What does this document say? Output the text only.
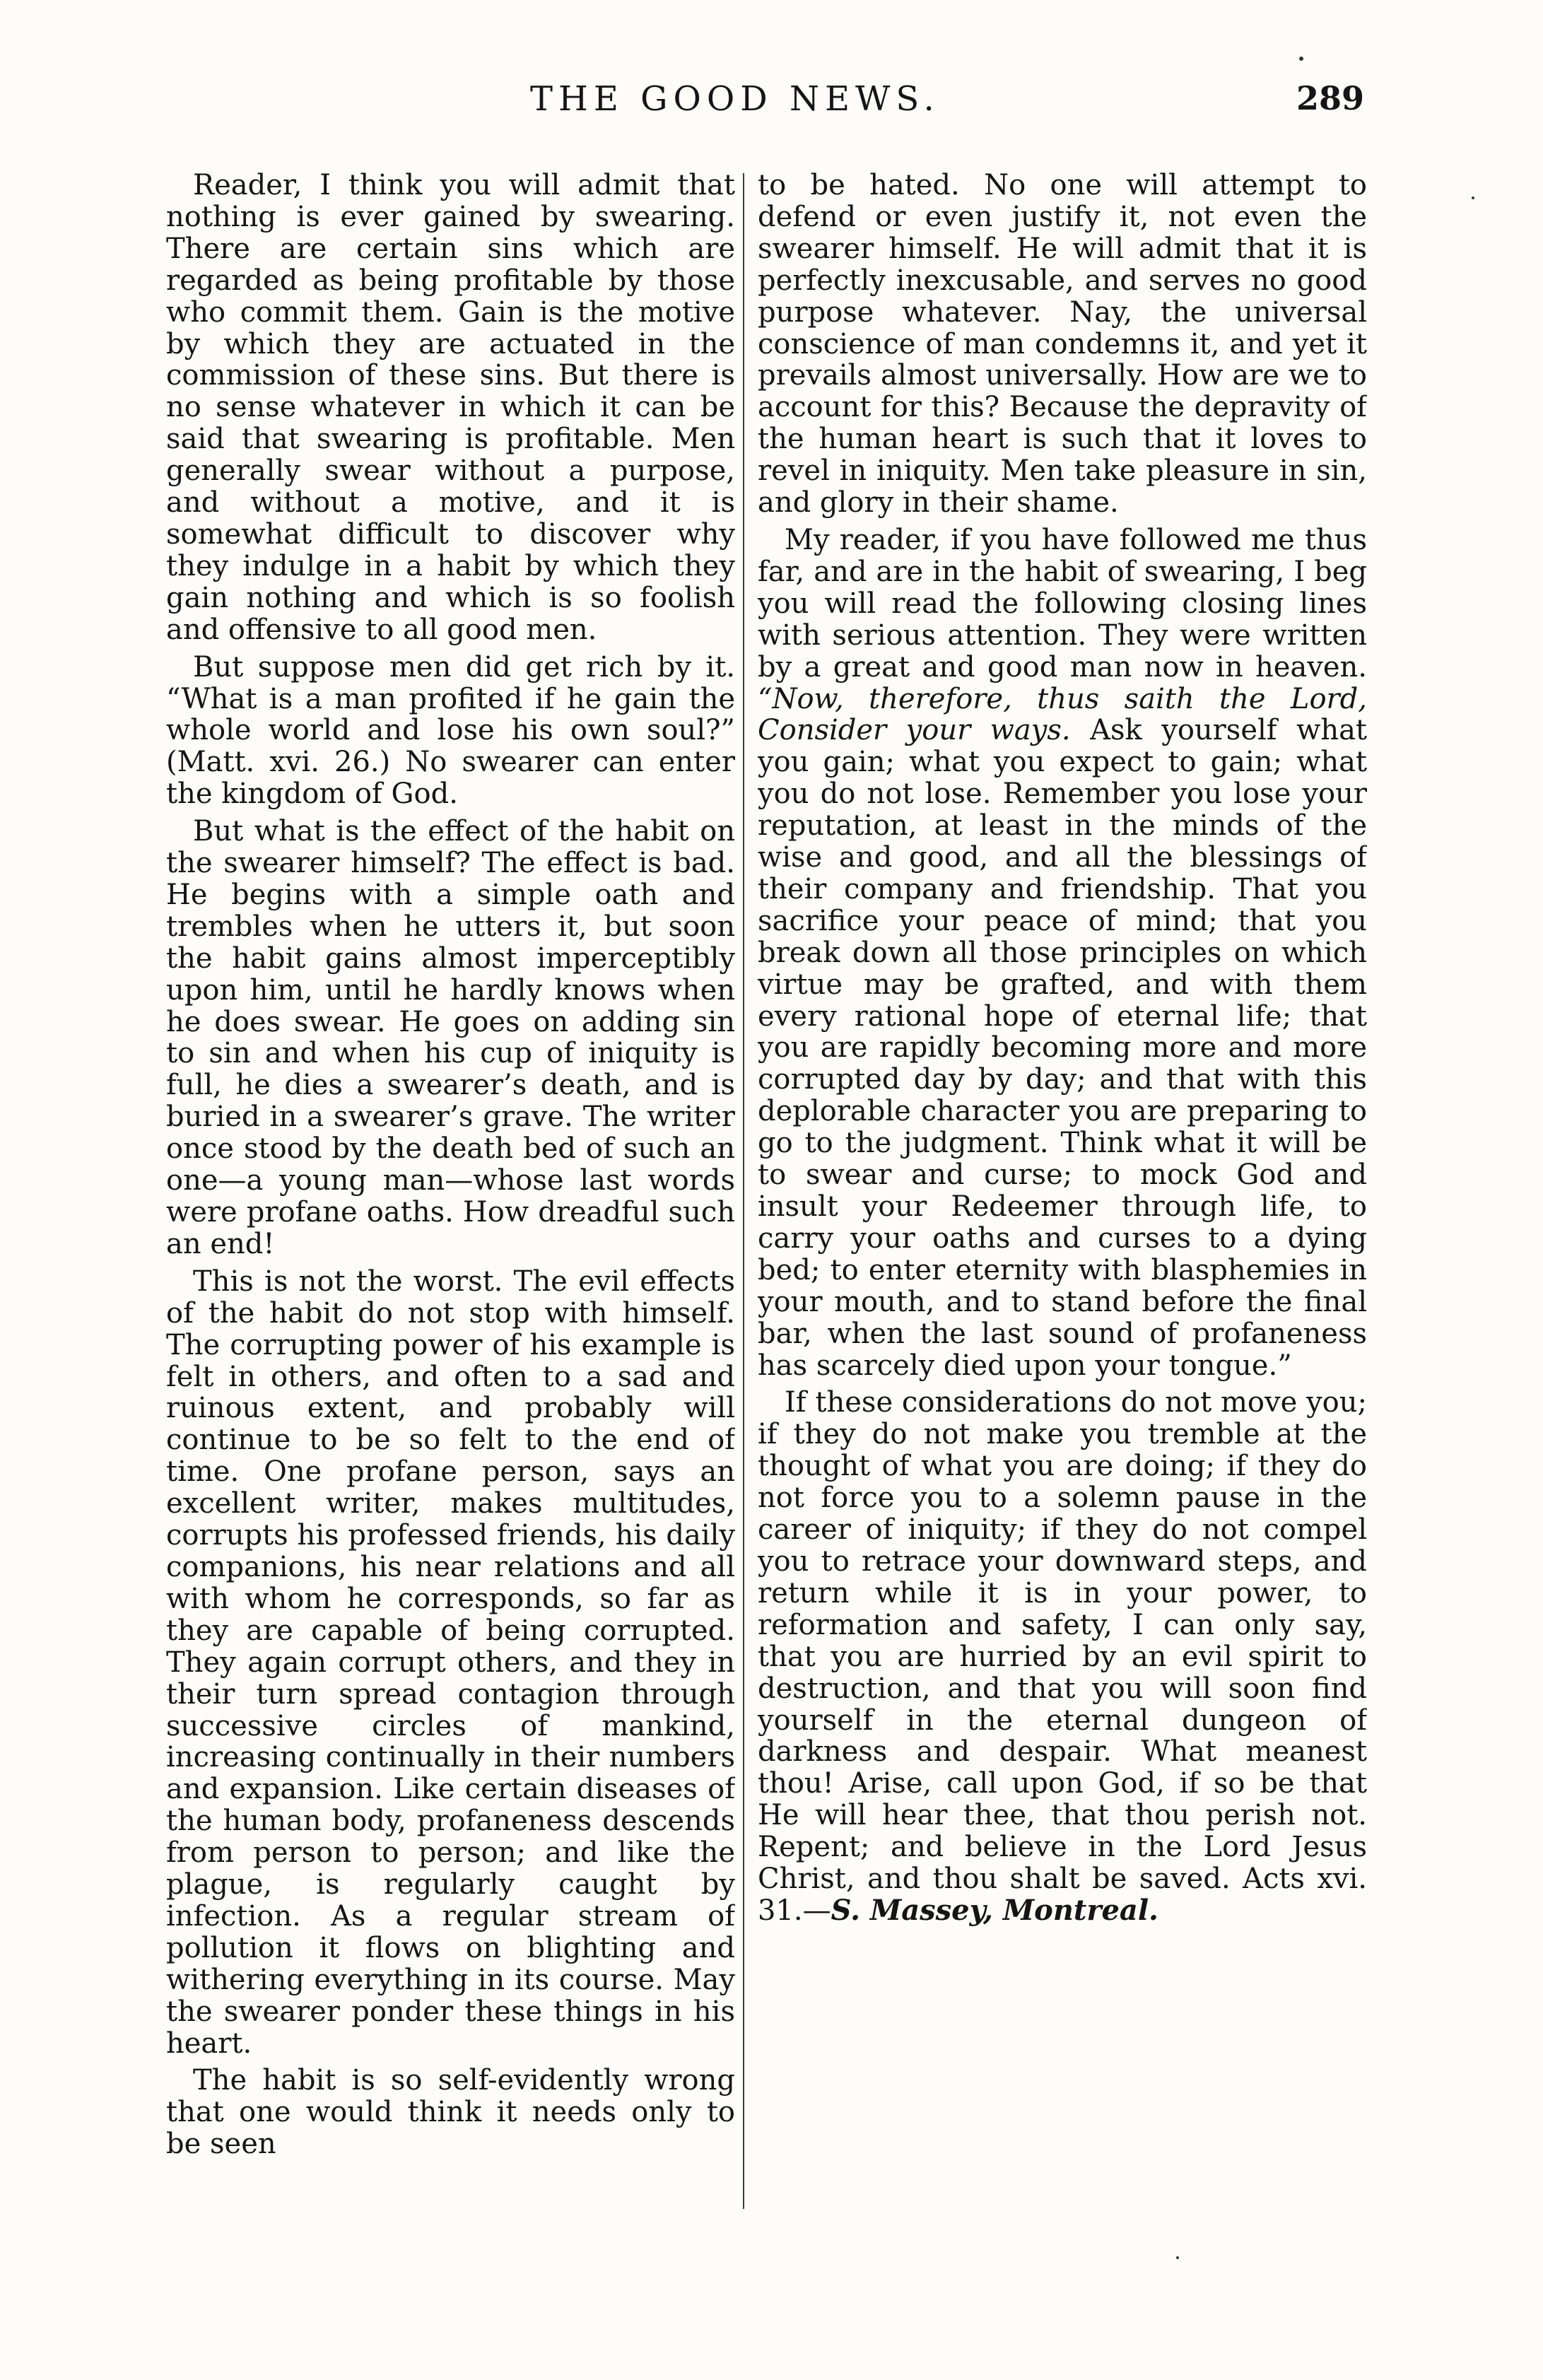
THE GOOD NEWS.	289

Reader, I think you will admit that nothing is ever gained by swearing. There are certain sins which are regarded as being profitable by those who commit them. Gain is the motive by which they are actuated in the commission of these sins. But there is no sense whatever in which it can be said that swearing is profitable. Men generally swear without a purpose, and without a motive, and it is somewhat difficult to discover why they indulge in a habit by which they gain nothing and which is so foolish and offensive to all good men.

But suppose men did get rich by it. “What is a man profited if he gain the whole world and lose his own soul?” (Matt. xvi. 26.) No swearer can enter the kingdom of God.

But what is the effect of the habit on the swearer himself? The effect is bad. He begins with a simple oath and trembles when he utters it, but soon the habit gains almost imperceptibly upon him, until he hardly knows when he does swear. He goes on adding sin to sin and when his cup of iniquity is full, he dies a swearer’s death, and is buried in a swearer’s grave. The writer once stood by the death bed of such an one—a young man—whose last words were profane oaths. How dreadful such an end!

This is not the worst. The evil effects of the habit do not stop with himself. The corrupting power of his example is felt in others, and often to a sad and ruinous extent, and probably will continue to be so felt to the end of time. One profane person, says an excellent writer, makes multitudes, corrupts his professed friends, his daily companions, his near relations and all with whom he corresponds, so far as they are capable of being corrupted. They again corrupt others, and they in their turn spread contagion through successive circles of mankind, increasing continually in their numbers and expansion. Like certain diseases of the human body, profaneness descends from person to person; and like the plague, is regularly caught by infection. As a regular stream of pollution it flows on blighting and withering everything in its course. May the swearer ponder these things in his heart.

The habit is so self-evidently wrong that one would think it needs only to be seen

to be hated. No one will attempt to defend or even justify it, not even the swearer himself. He will admit that it is perfectly inexcusable, and serves no good purpose whatever. Nay, the universal conscience of man condemns it, and yet it prevails almost universally. How are we to account for this? Because the depravity of the human heart is such that it loves to revel in iniquity. Men take pleasure in sin, and glory in their shame.

My reader, if you have followed me thus far, and are in the habit of swearing, I beg you will read the following closing lines with serious attention. They were written by a great and good man now in heaven. “Now, therefore, thus saith the Lord, Consider your ways. Ask yourself what you gain; what you expect to gain; what you do not lose. Remember you lose your reputation, at least in the minds of the wise and good, and all the blessings of their company and friendship. That you sacrifice your peace of mind; that you break down all those principles on which virtue may be grafted, and with them every rational hope of eternal life; that you are rapidly becoming more and more corrupted day by day; and that with this deplorable character you are preparing to go to the judgment. Think what it will be to swear and curse; to mock God and insult your Redeemer through life, to carry your oaths and curses to a dying bed; to enter eternity with blasphemies in your mouth, and to stand before the final bar, when the last sound of profaneness has scarcely died upon your tongue.”

If these considerations do not move you; if they do not make you tremble at the thought of what you are doing; if they do not force you to a solemn pause in the career of iniquity; if they do not compel you to retrace your downward steps, and return while it is in your power, to reformation and safety, I can only say, that you are hurried by an evil spirit to destruction, and that you will soon find yourself in the eternal dungeon of darkness and despair. What meanest thou! Arise, call upon God, if so be that He will hear thee, that thou perish not. Repent; and believe in the Lord Jesus Christ, and thou shalt be saved. Acts xvi. 31.—S. Massey, Montreal.
